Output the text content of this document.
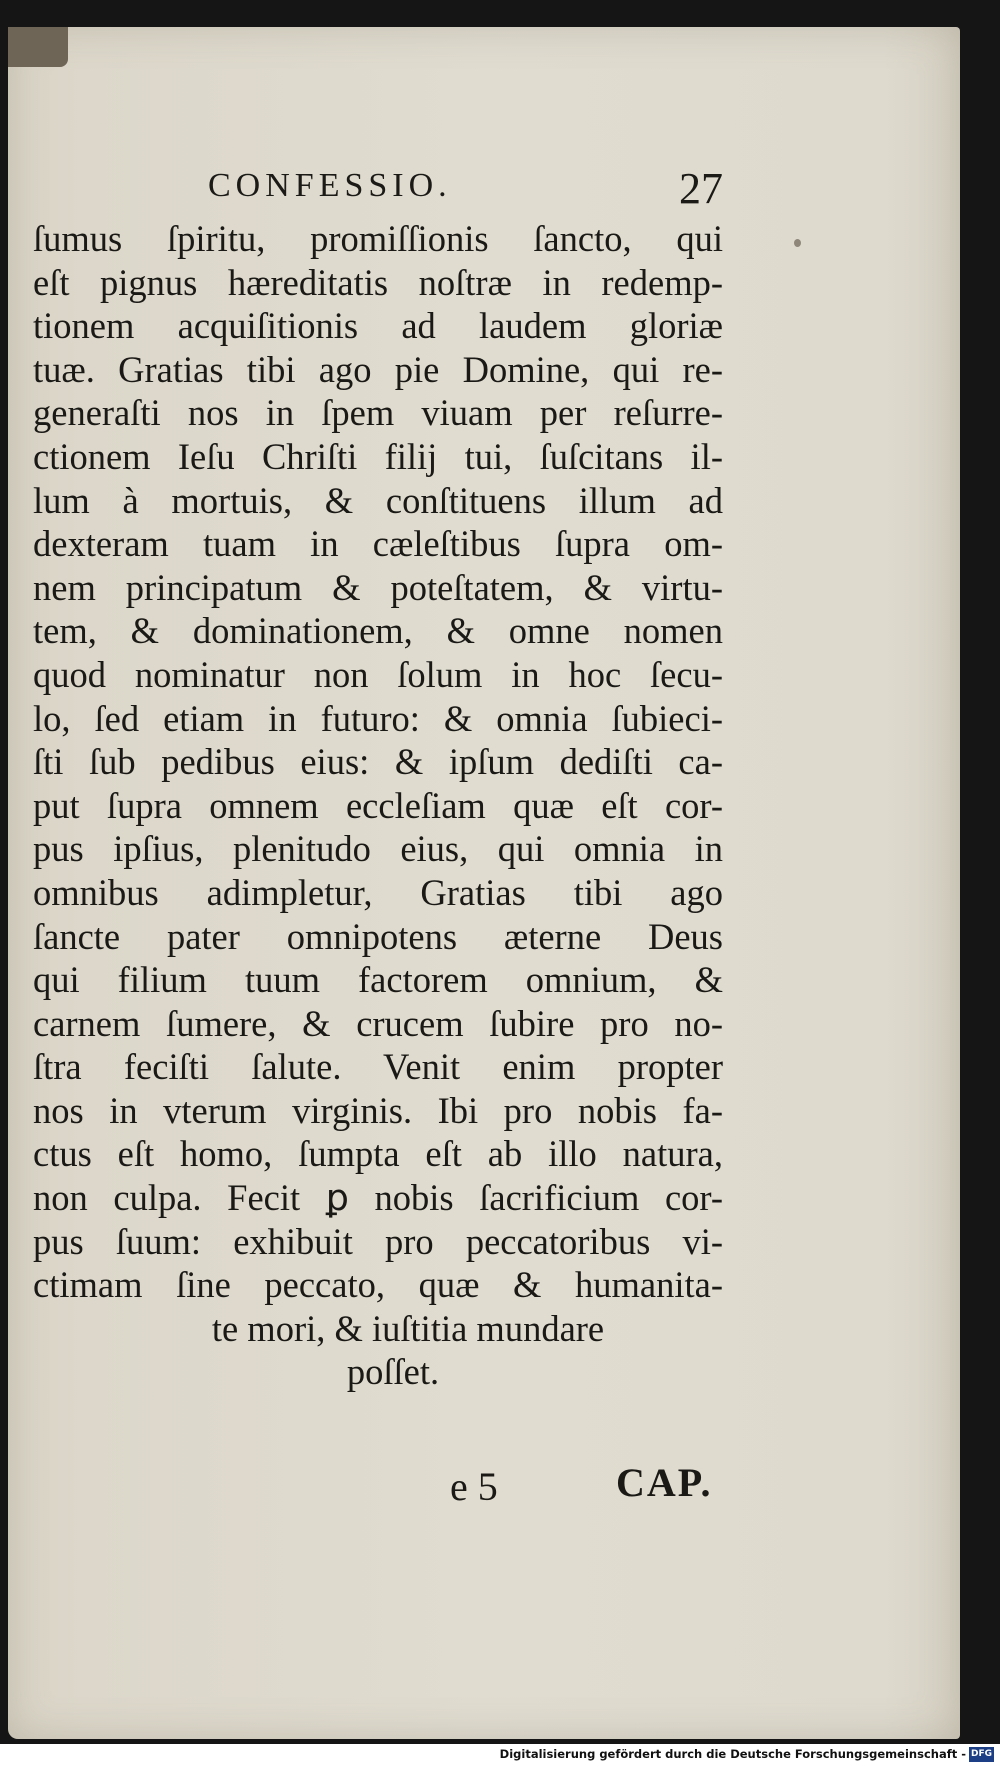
CONFESSIO.	27
ſumus ſpiritu, promiſſionis ſancto, qui
eſt pignus hæreditatis noſtræ in redemp-
tionem acquiſitionis ad laudem gloriæ
tuæ. Gratias tibi ago pie Domine, qui re-
generaſti nos in ſpem viuam per reſurre-
ctionem Ieſu Chriſti filij tui, ſuſcitans il-
lum à mortuis, & conſtituens illum ad
dexteram tuam in cæleſtibus ſupra om-
nem principatum & poteſtatem, & virtu-
tem, & dominationem, & omne nomen
quod nominatur non ſolum in hoc ſecu-
lo, ſed etiam in futuro: & omnia ſubieci-
ſti ſub pedibus eius: & ipſum dediſti ca-
put ſupra omnem eccleſiam quæ eſt cor-
pus ipſius, plenitudo eius, qui omnia in
omnibus adimpletur, Gratias tibi ago
ſancte pater omnipotens æterne Deus
qui filium tuum factorem omnium, &
carnem ſumere, & crucem ſubire pro no-
ſtra feciſti ſalute. Venit enim propter
nos in vterum virginis. Ibi pro nobis fa-
ctus eſt homo, ſumpta eſt ab illo natura,
non culpa. Fecit ꝑ nobis ſacrificium cor-
pus ſuum: exhibuit pro peccatoribus vi-
ctimam ſine peccato, quæ & humanita-
te mori, & iuſtitia mundare
poſſet.
e 5	CAP.
Digitalisierung gefördert durch die Deutsche Forschungsgemeinschaft - DFG
